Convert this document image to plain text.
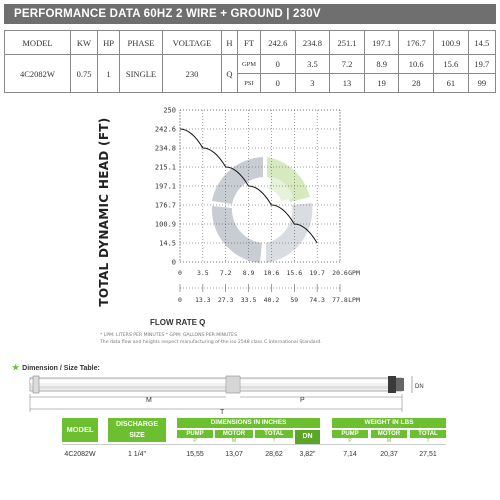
PERFORMANCE DATA 60HZ 2 WIRE + GROUND | 230V
MODEL	KW	HP	PHASE	VOLTAGE	H	FT	242.6	234.8	251.1	197.1	176.7	100.9	14.5
4C2082W	0.75	1	SINGLE	230	Q	GPM	0	3.5	7.2	8.9	10.6	15.6	19.7
						PSI	0	3	13	19	28	61	99
TOTAL DYNAMIC HEAD (FT)
250
242.6
234.8
215.1
197.1
176.7
100.9
14.5
0
0 3.5 7.2 8.9 10.6 15.6 19.7 20.6 GPM
0 13.3 27.3 33.5 40.2 59 74.3 77.8 LPM
FLOW RATE Q
* LPM: LITERS PER MINUTES * GPM: GALLONS PER MINUTES
The data flow and heights respect manufacturing of the iso 2548 class C International Standard.
★ Dimension / Size Table:
DN
M	P
T
MODEL
DISCHARGE SIZE
DIMENSIONS IN INCHES
PUMP	MOTOR	TOTAL	DN
P	M	T
WEIGHT IN LBS
PUMP	MOTOR	TOTAL
P	M	T
4C2082W	1 1/4"	15,55	13,07	28,62	3,82"	7,14	20,37	27,51
